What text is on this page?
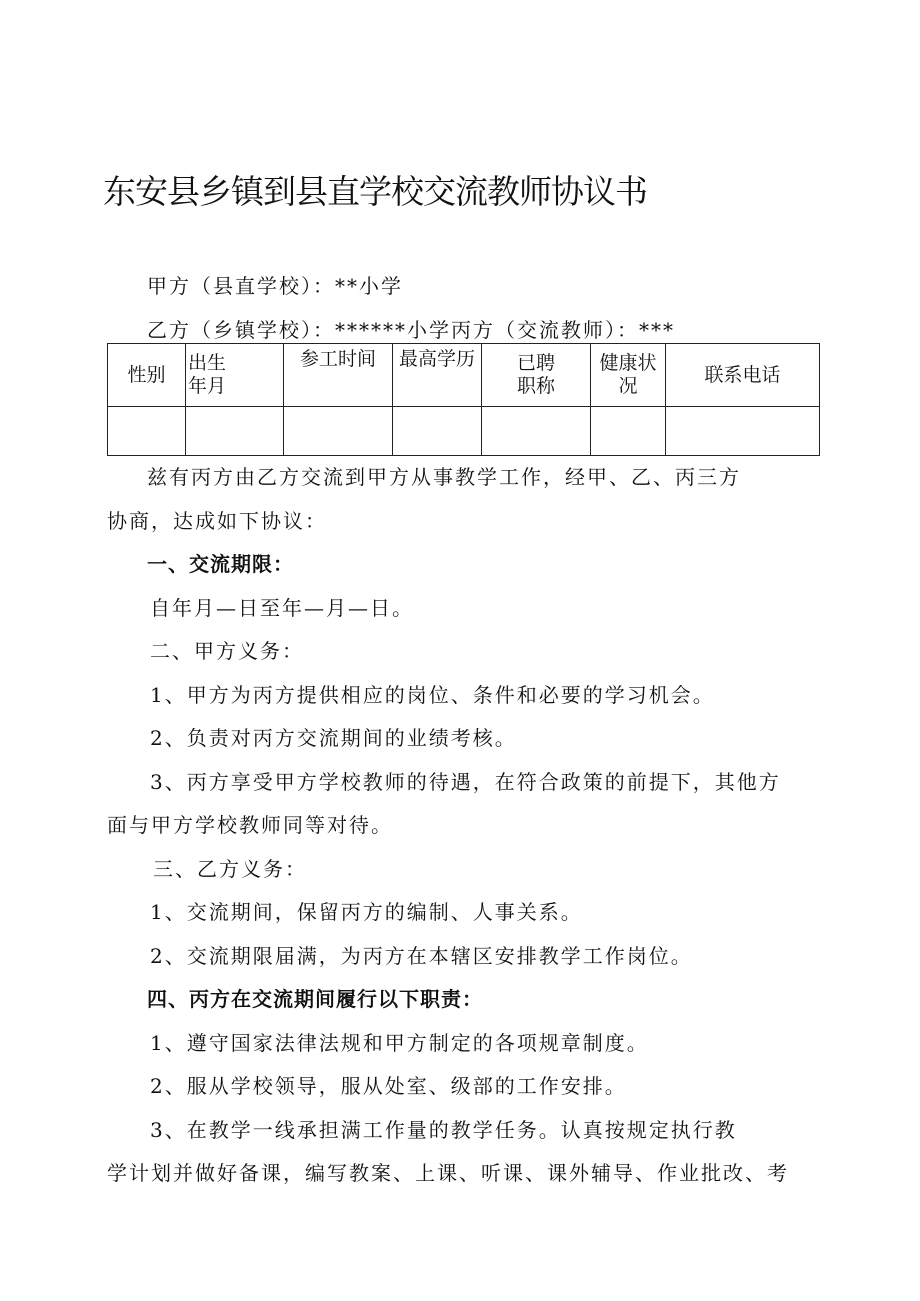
东安县乡镇到县直学校交流教师协议书
甲方（县直学校）：**小学
乙方（乡镇学校）：******小学丙方（交流教师）：***
性别	出生年月	参工时间	最高学历	已聘职称	健康状况	联系电话

兹有丙方由乙方交流到甲方从事教学工作，经甲、乙、丙三方
协商，达成如下协议：
一、交流期限：
自年月—日至年—月—日。
二、甲方义务：
1、甲方为丙方提供相应的岗位、条件和必要的学习机会。
2、负责对丙方交流期间的业绩考核。
3、丙方享受甲方学校教师的待遇，在符合政策的前提下，其他方
面与甲方学校教师同等对待。
三、乙方义务：
1、交流期间，保留丙方的编制、人事关系。
2、交流期限届满，为丙方在本辖区安排教学工作岗位。
四、丙方在交流期间履行以下职责：
1、遵守国家法律法规和甲方制定的各项规章制度。
2、服从学校领导，服从处室、级部的工作安排。
3、在教学一线承担满工作量的教学任务。认真按规定执行教
学计划并做好备课，编写教案、上课、听课、课外辅导、作业批改、考
